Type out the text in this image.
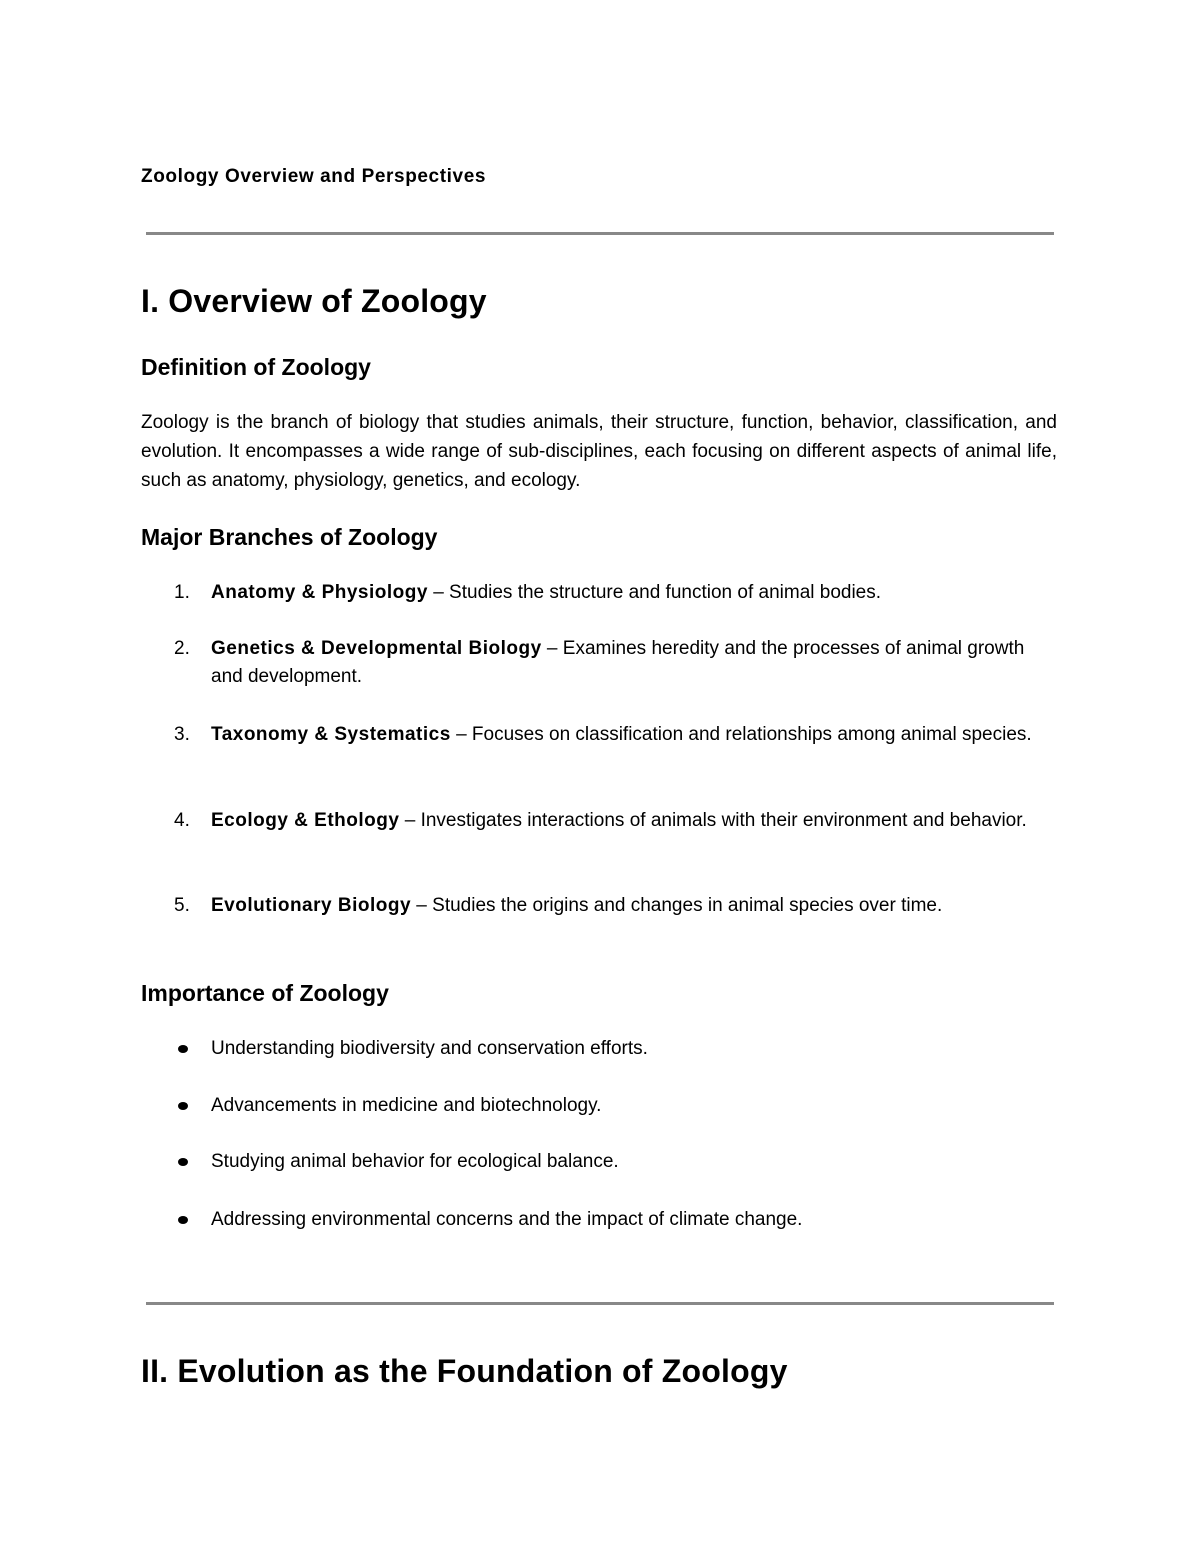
Zoology Overview and Perspectives
I. Overview of Zoology
Definition of Zoology

Zoology is the branch of biology that studies animals, their structure, function, behavior, classification, and evolution. It encompasses a wide range of sub-disciplines, each focusing on different aspects of animal life, such as anatomy, physiology, genetics, and ecology.

Major Branches of Zoology
1. Anatomy & Physiology – Studies the structure and function of animal bodies.
2. Genetics & Developmental Biology – Examines heredity and the processes of animal growth and development.
3. Taxonomy & Systematics – Focuses on classification and relationships among animal species.
4. Ecology & Ethology – Investigates interactions of animals with their environment and behavior.
5. Evolutionary Biology – Studies the origins and changes in animal species over time.
Importance of Zoology
Understanding biodiversity and conservation efforts.
Advancements in medicine and biotechnology.
Studying animal behavior for ecological balance.
Addressing environmental concerns and the impact of climate change.
II. Evolution as the Foundation of Zoology
